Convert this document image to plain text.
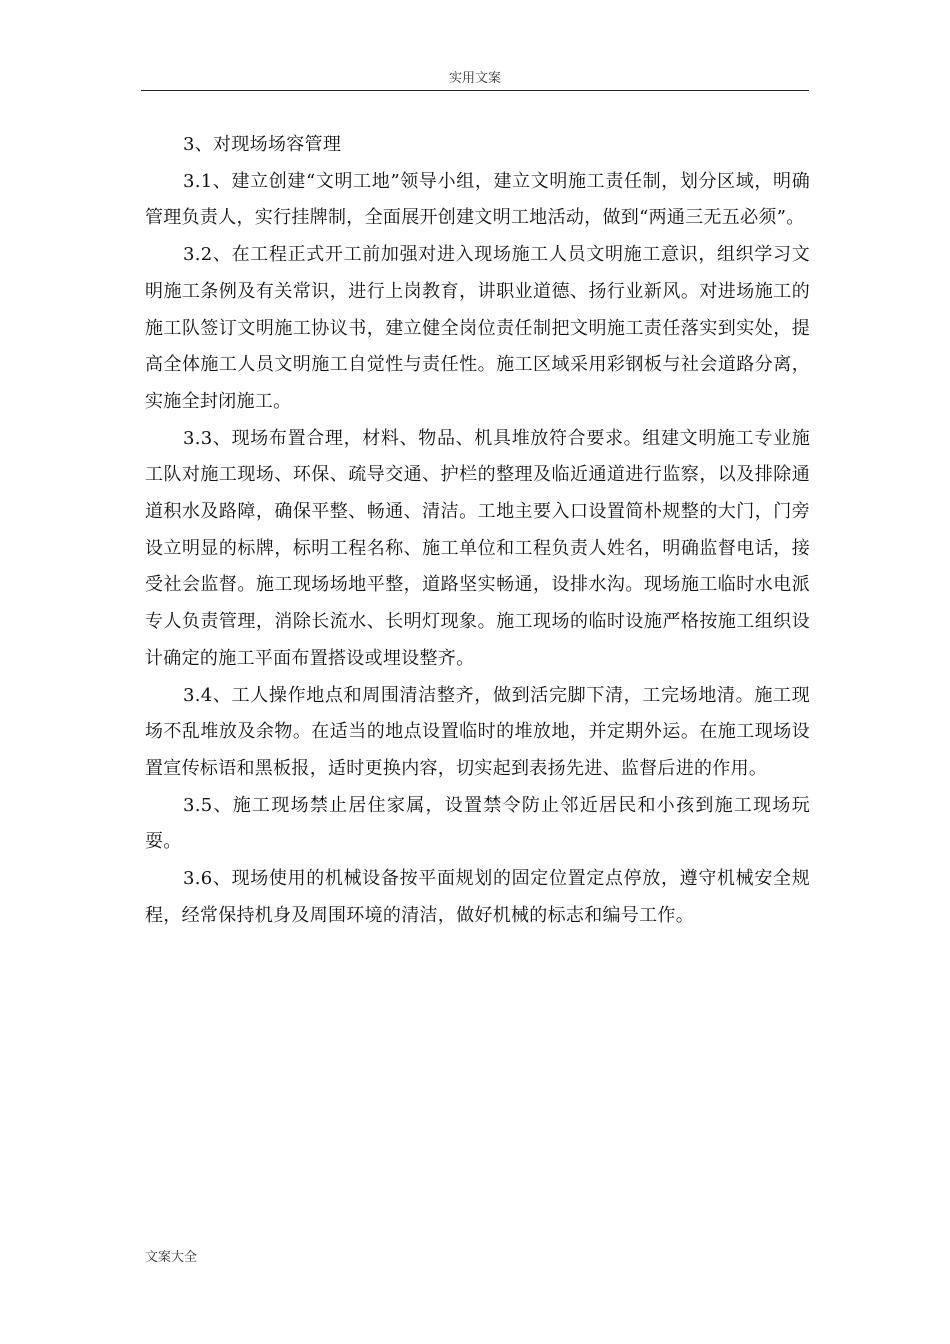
实用文案

3、对现场场容管理

3.1、建立创建“文明工地”领导小组，建立文明施工责任制，划分区域，明确管理负责人，实行挂牌制，全面展开创建文明工地活动，做到“两通三无五必须”。

3.2、在工程正式开工前加强对进入现场施工人员文明施工意识，组织学习文明施工条例及有关常识，进行上岗教育，讲职业道德、扬行业新风。对进场施工的施工队签订文明施工协议书，建立健全岗位责任制把文明施工责任落实到实处，提高全体施工人员文明施工自觉性与责任性。施工区域采用彩钢板与社会道路分离，实施全封闭施工。

3.3、现场布置合理，材料、物品、机具堆放符合要求。组建文明施工专业施工队对施工现场、环保、疏导交通、护栏的整理及临近通道进行监察，以及排除通道积水及路障，确保平整、畅通、清洁。工地主要入口设置简朴规整的大门，门旁设立明显的标牌，标明工程名称、施工单位和工程负责人姓名，明确监督电话，接受社会监督。施工现场场地平整，道路坚实畅通，设排水沟。现场施工临时水电派专人负责管理，消除长流水、长明灯现象。施工现场的临时设施严格按施工组织设计确定的施工平面布置搭设或埋设整齐。

3.4、工人操作地点和周围清洁整齐，做到活完脚下清，工完场地清。施工现场不乱堆放及余物。在适当的地点设置临时的堆放地，并定期外运。在施工现场设置宣传标语和黑板报，适时更换内容，切实起到表扬先进、监督后进的作用。

3.5、施工现场禁止居住家属，设置禁令防止邻近居民和小孩到施工现场玩耍。

3.6、现场使用的机械设备按平面规划的固定位置定点停放，遵守机械安全规程，经常保持机身及周围环境的清洁，做好机械的标志和编号工作。

文案大全
